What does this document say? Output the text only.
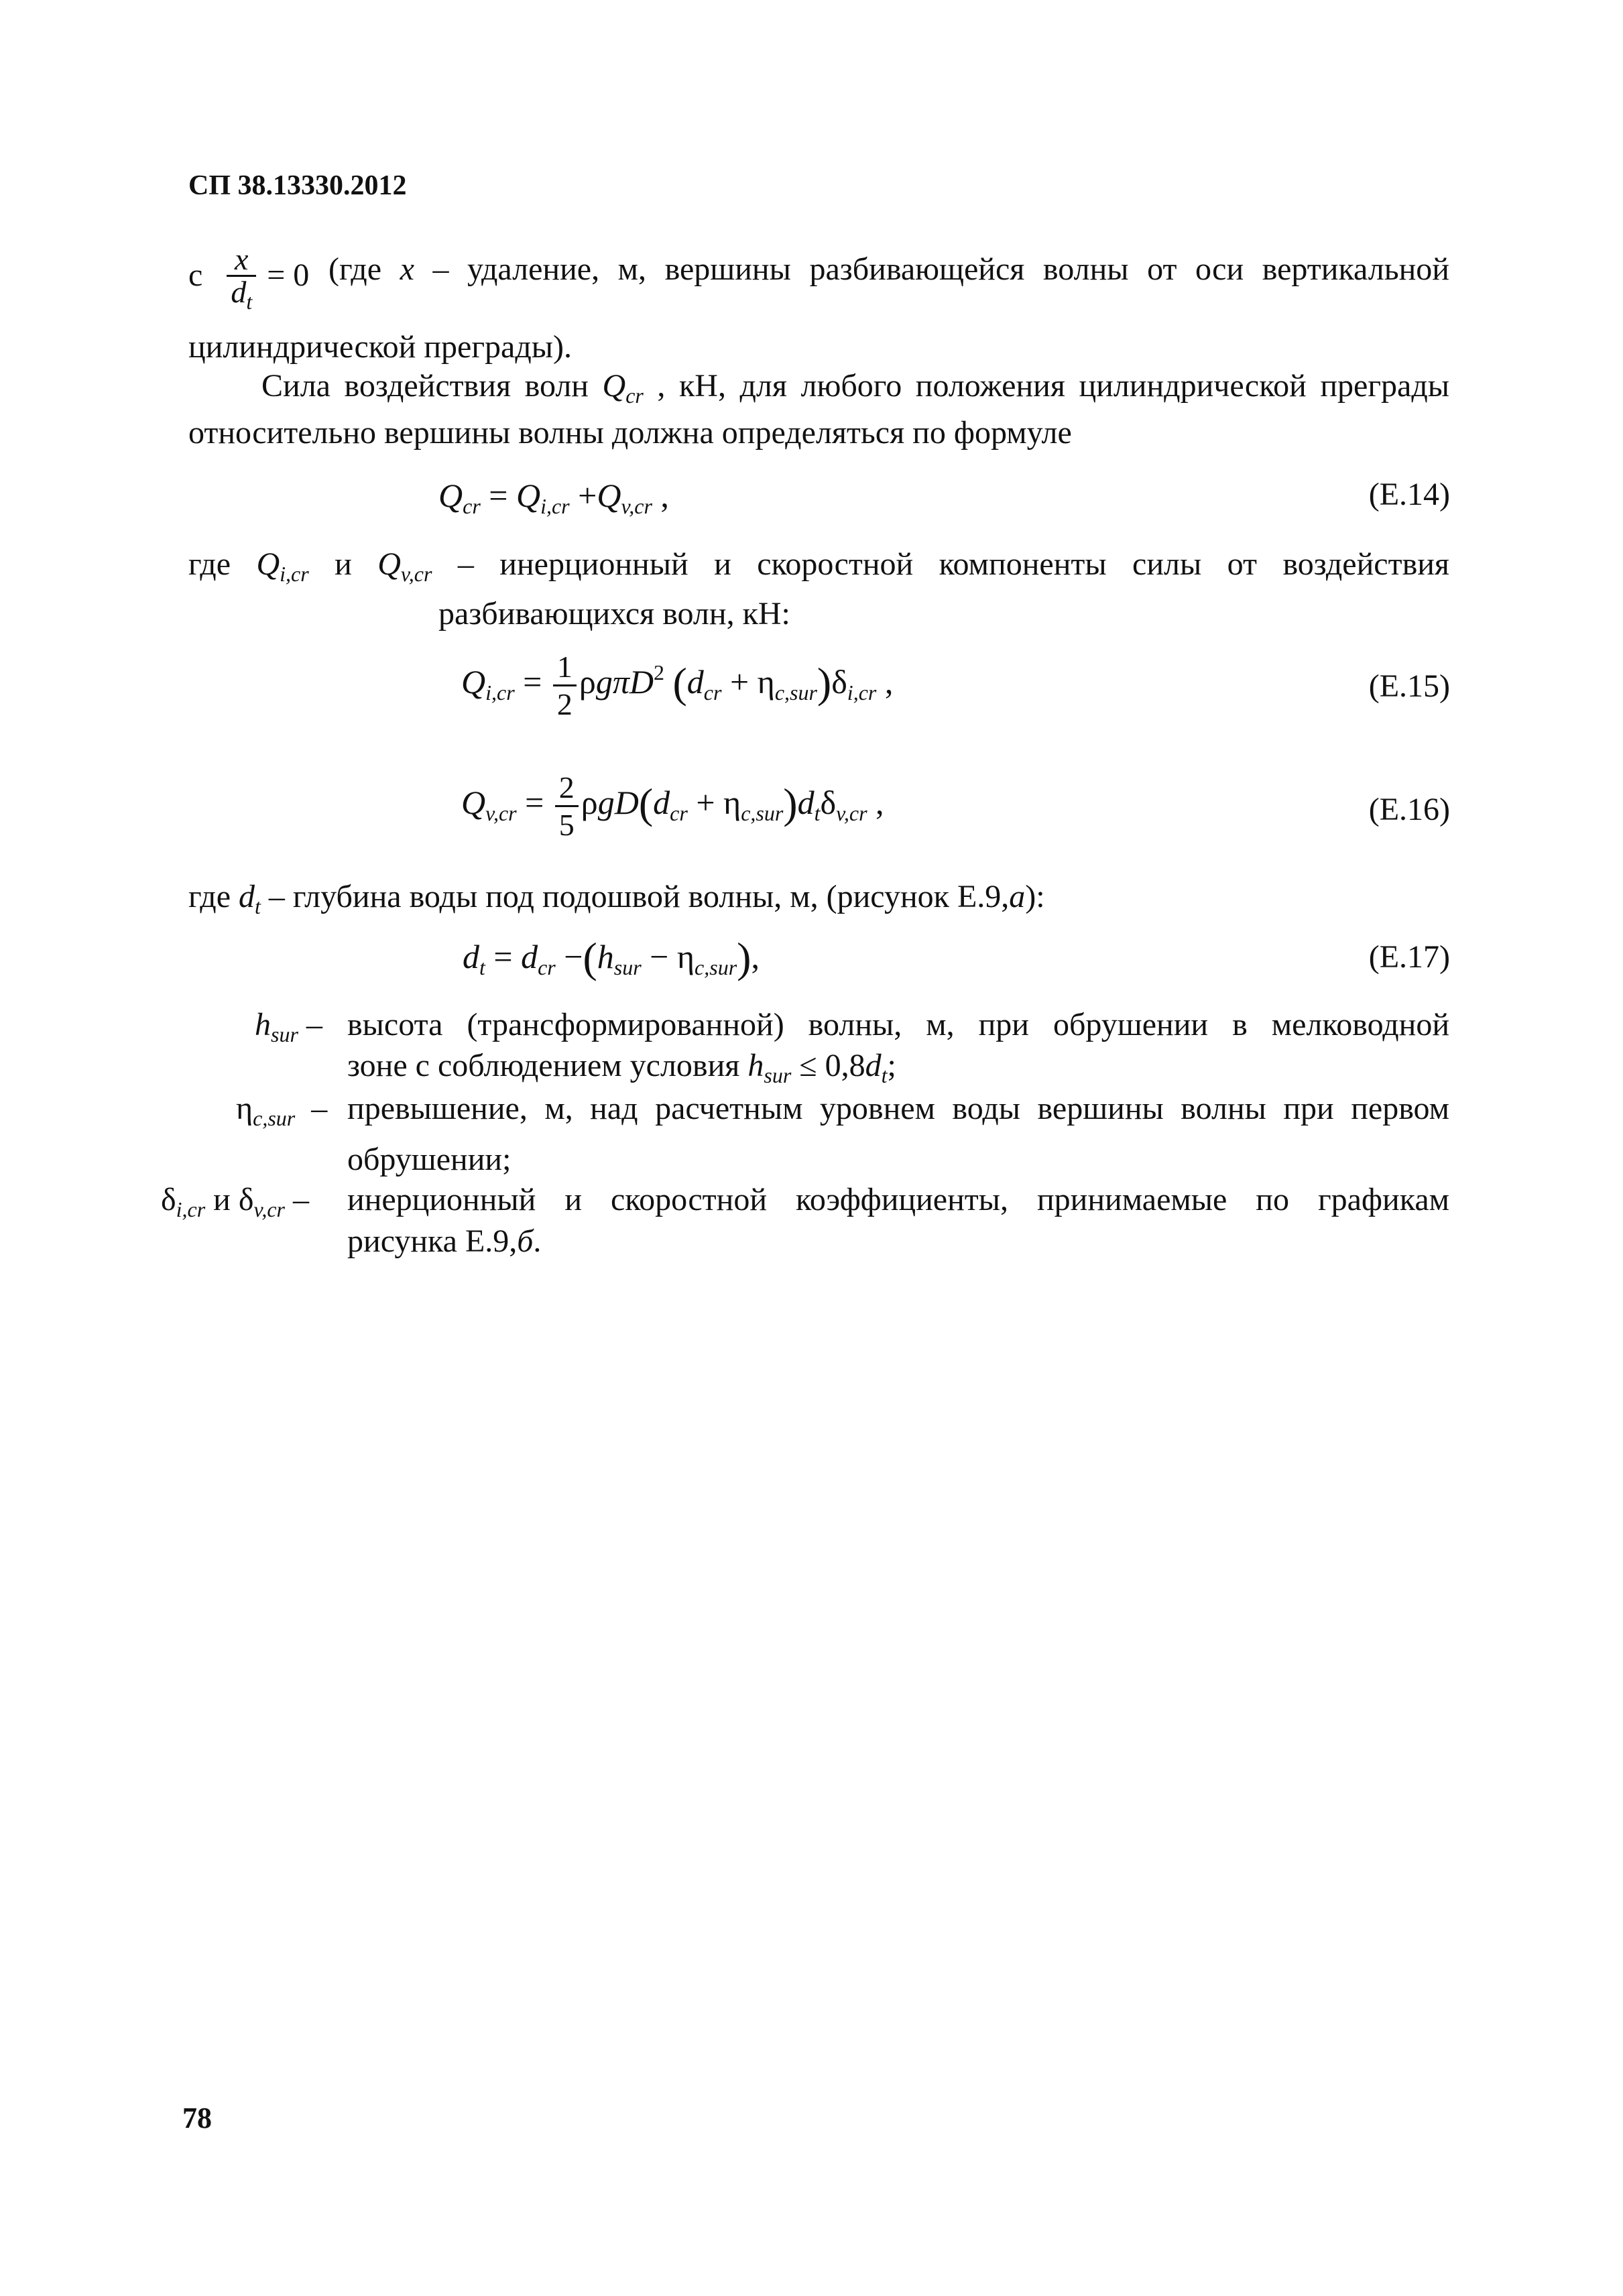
СП 38.13330.2012
с $\frac{x}{d_t} = 0$ (где x – удаление, м, вершины разбивающейся волны от оси вертикальной
цилиндрической преграды).
Сила воздействия волн $Q_{cr}$ , кН, для любого положения цилиндрической преграды
относительно вершины волны должна определяться по формуле
$Q_{cr} = Q_{i,cr} +Q_{v,cr}$ ,	(Е.14)
где $Q_{i,cr}$ и $Q_{v,cr}$ – инерционный и скоростной компоненты силы от воздействия
разбивающихся волн, кН:
$Q_{i,cr} = \frac{1}{2} \rho g\pi D^2$ $(d_{cr} + \eta_{c,sur})\delta_{i,cr}$ ,	(Е.15)
$Q_{v,cr} = \frac{2}{5} \rho gD(d_{cr} + \eta_{c,sur})d_t\delta_{v,cr}$ ,	(Е.16)
где $d_t$ – глубина воды под подошвой волны, м, (рисунок Е.9,а):
$d_t = d_{cr} -(h_{sur} - \eta_{c,sur})$,	(Е.17)
$h_{sur}$ – высота (трансформированной) волны, м, при обрушении в мелководной
зоне с соблюдением условия $h_{sur} \le 0,8d_t$;
$\eta_{c,sur}$  – превышение, м, над расчетным уровнем воды вершины волны при первом
обрушении;
$\delta_{i,cr}$ и $\delta_{v,cr}$ – инерционный и скоростной коэффициенты, принимаемые по графикам
рисунка Е.9,б.
78
